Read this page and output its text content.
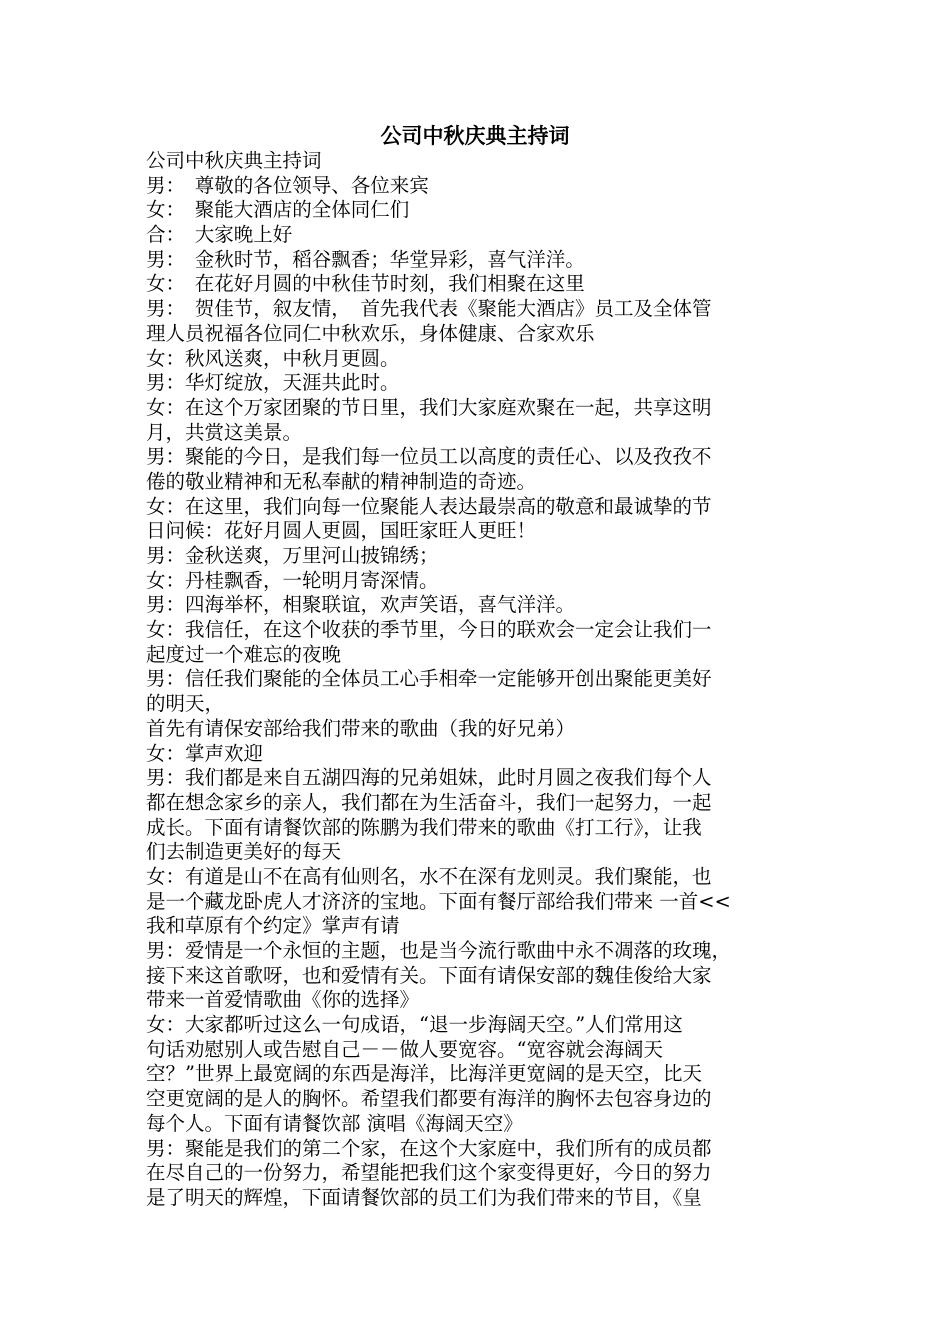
公司中秋庆典主持词
公司中秋庆典主持词
男：　尊敬的各位领导、各位来宾
女：　聚能大酒店的全体同仁们
合：　大家晚上好
男：　金秋时节，稻谷飘香；华堂异彩，喜气洋洋。
女：　在花好月圆的中秋佳节时刻，我们相聚在这里
男：　贺佳节，叙友情，　首先我代表《聚能大酒店》员工及全体管
理人员祝福各位同仁中秋欢乐，身体健康、合家欢乐
女：秋风送爽，中秋月更圆。
男：华灯绽放，天涯共此时。
女：在这个万家团聚的节日里，我们大家庭欢聚在一起，共享这明
月，共赏这美景。
男：聚能的今日，是我们每一位员工以高度的责任心、以及孜孜不
倦的敬业精神和无私奉献的精神制造的奇迹。
女：在这里，我们向每一位聚能人表达最崇高的敬意和最诚挚的节
日问候：花好月圆人更圆，国旺家旺人更旺！
男：金秋送爽，万里河山披锦绣；
女：丹桂飘香，一轮明月寄深情。
男：四海举杯，相聚联谊，欢声笑语，喜气洋洋。
女：我信任，在这个收获的季节里，今日的联欢会一定会让我们一
起度过一个难忘的夜晚
男：信任我们聚能的全体员工心手相牵一定能够开创出聚能更美好
的明天，
首先有请保安部给我们带来的歌曲（我的好兄弟）
女：掌声欢迎
男：我们都是来自五湖四海的兄弟姐妹，此时月圆之夜我们每个人
都在想念家乡的亲人，我们都在为生活奋斗，我们一起努力，一起
成长。下面有请餐饮部的陈鹏为我们带来的歌曲《打工行》，让我
们去制造更美好的每天
女：有道是山不在高有仙则名，水不在深有龙则灵。我们聚能，也
是一个藏龙卧虎人才济济的宝地。下面有餐厅部给我们带来 一首<<
我和草原有个约定》掌声有请
男：爱情是一个永恒的主题，也是当今流行歌曲中永不凋落的玫瑰，
接下来这首歌呀，也和爱情有关。下面有请保安部的魏佳俊给大家
带来一首爱情歌曲《你的选择》
女：大家都听过这么一句成语，“退一步海阔天空。”人们常用这
句话劝慰别人或告慰自己－－做人要宽容。“宽容就会海阔天
空？”世界上最宽阔的东西是海洋，比海洋更宽阔的是天空，比天
空更宽阔的是人的胸怀。希望我们都要有海洋的胸怀去包容身边的
每个人。下面有请餐饮部 演唱《海阔天空》
男：聚能是我们的第二个家，在这个大家庭中，我们所有的成员都
在尽自己的一份努力，希望能把我们这个家变得更好，今日的努力
是了明天的辉煌，下面请餐饮部的员工们为我们带来的节目，《皇
